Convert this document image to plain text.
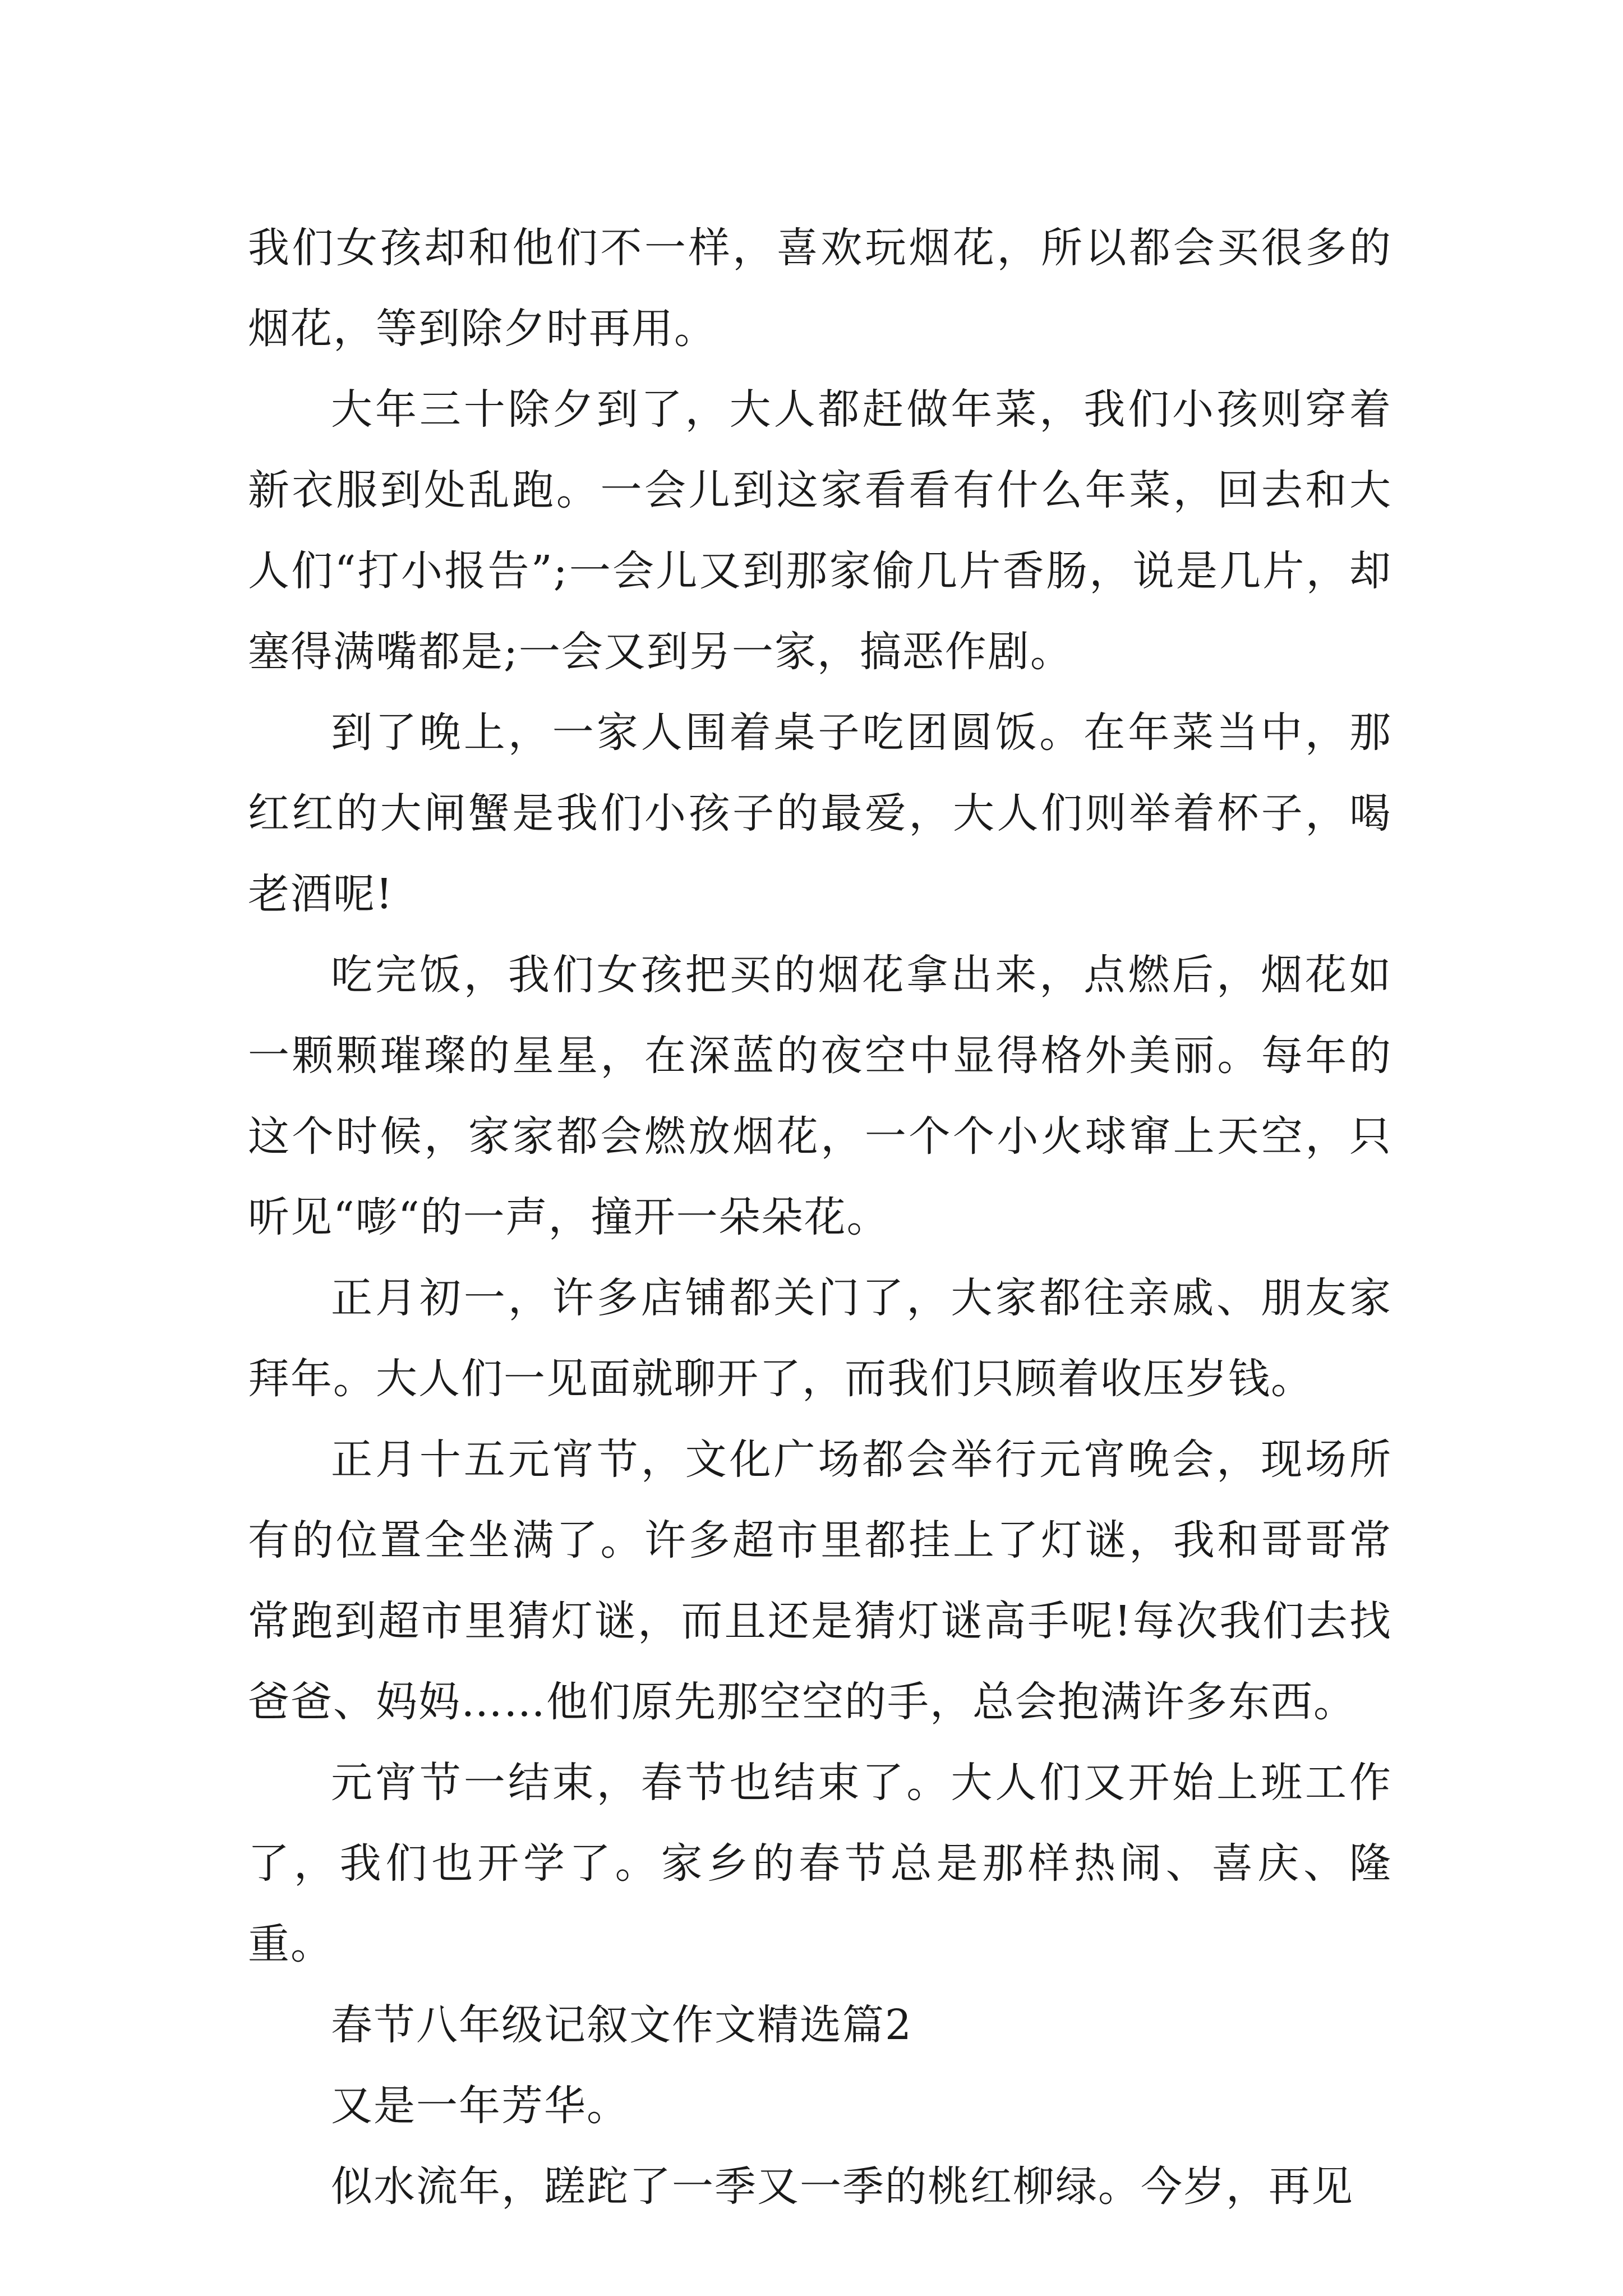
我们女孩却和他们不一样，喜欢玩烟花，所以都会买很多的烟花，等到除夕时再用。

大年三十除夕到了，大人都赶做年菜，我们小孩则穿着新衣服到处乱跑。一会儿到这家看看有什么年菜，回去和大人们“打小报告”;一会儿又到那家偷几片香肠，说是几片，却塞得满嘴都是;一会又到另一家，搞恶作剧。

到了晚上，一家人围着桌子吃团圆饭。在年菜当中，那红红的大闸蟹是我们小孩子的最爱，大人们则举着杯子，喝老酒呢!

吃完饭，我们女孩把买的烟花拿出来，点燃后，烟花如一颗颗璀璨的星星，在深蓝的夜空中显得格外美丽。每年的这个时候，家家都会燃放烟花，一个个小火球窜上天空，只听见“嘭“的一声，撞开一朵朵花。

正月初一，许多店铺都关门了，大家都往亲戚、朋友家拜年。大人们一见面就聊开了，而我们只顾着收压岁钱。

正月十五元宵节，文化广场都会举行元宵晚会，现场所有的位置全坐满了。许多超市里都挂上了灯谜，我和哥哥常常跑到超市里猜灯谜，而且还是猜灯谜高手呢!每次我们去找爸爸、妈妈……他们原先那空空的手，总会抱满许多东西。

元宵节一结束，春节也结束了。大人们又开始上班工作了，我们也开学了。家乡的春节总是那样热闹、喜庆、隆重。

春节八年级记叙文作文精选篇2

又是一年芳华。

似水流年，蹉跎了一季又一季的桃红柳绿。今岁，再见
